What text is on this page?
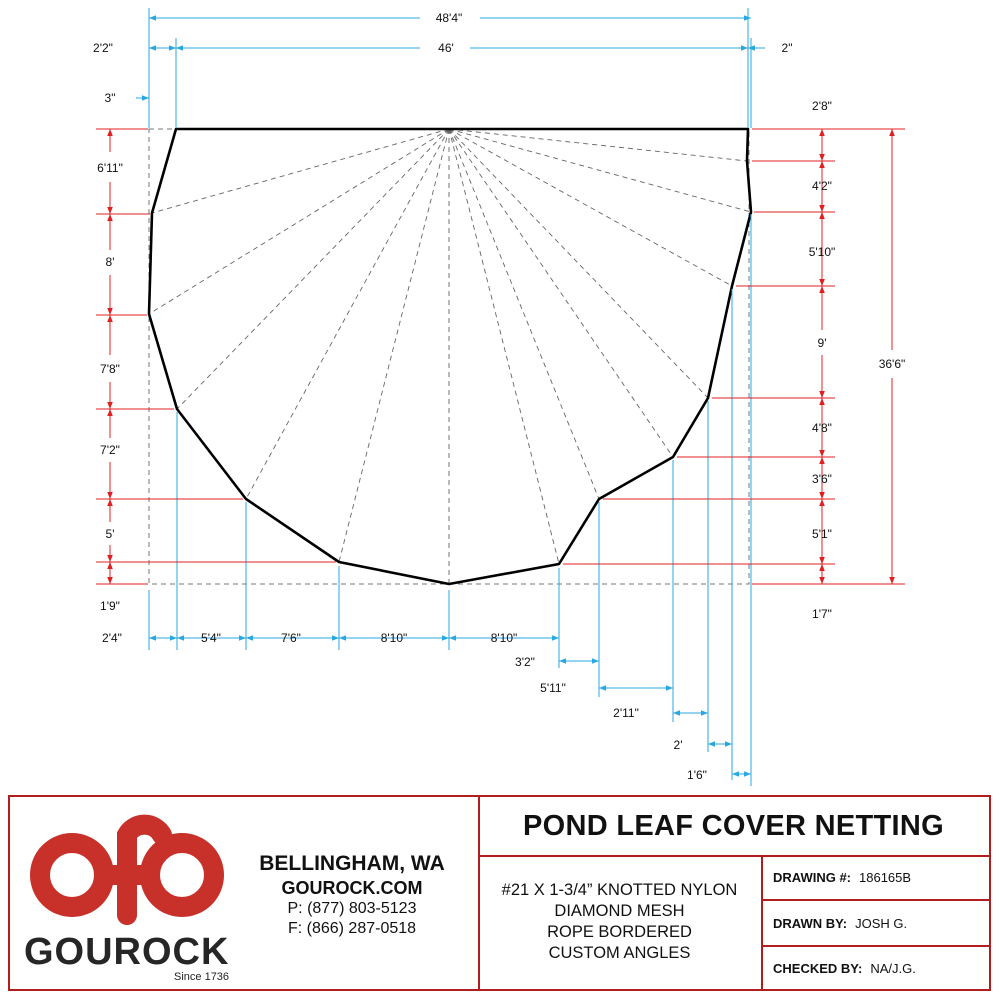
48'4"
2'2"	46'	2"
3"
6'11"
8'
7'8"
7'2"
5'
1'9"
2'8"
4'2"
5'10"
9'
4'8"
3'6"
5'1"
1'7"
36'6"
2'4"	5'4"	7'6"	8'10"	8'10"
3'2"
5'11"
2'11"
2'
1'6"
GOUROCK
Since 1736
BELLINGHAM, WA
GOUROCK.COM
P: (877) 803-5123
F: (866) 287-0518
POND LEAF COVER NETTING
#21 X 1-3/4” KNOTTED NYLON
DIAMOND MESH
ROPE BORDERED
CUSTOM ANGLES
DRAWING #: 186165B
DRAWN BY: JOSH G.
CHECKED BY: NA/J.G.
